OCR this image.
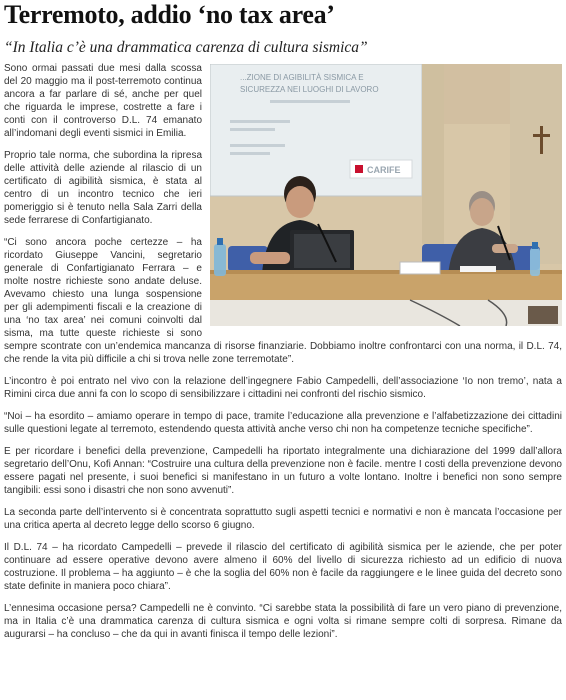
Terremoto, addio ‘no tax area’
“In Italia c’è una drammatica carenza di cultura sismica”
...ZIONE DI AGIBILITÀ SISMICA E
SICUREZZA NEI LUOGHI DI LAVORO
CARIFE

Sono ormai passati due mesi dalla scossa del 20 maggio ma il post-terremoto continua ancora a far parlare di sé, anche per quel che riguarda le imprese, costrette a fare i conti con il controverso D.L. 74 emanato all’indomani degli eventi sismici in Emilia.

Proprio tale norma, che subordina la ripresa delle attività delle aziende al rilascio di un certificato di agibilità sismica, è stata al centro di un incontro tecnico che ieri pomeriggio si è tenuto nella Sala Zarri della sede ferrarese di Confartigianato.

“Ci sono ancora poche certezze – ha ricordato Giuseppe Vancini, segretario generale di Confartigianato Ferrara – e molte nostre richieste sono andate deluse. Avevamo chiesto una lunga sospensione per gli adempimenti fiscali e la creazione di una ‘no tax area’ nei comuni coinvolti dal sisma, ma tutte queste richieste si sono sempre scontrate con un’endemica mancanza di risorse finanziarie. Dobbiamo inoltre confrontarci con una norma, il D.L. 74, che rende la vita più difficile a chi si trova nelle zone terremotate”.

L’incontro è poi entrato nel vivo con la relazione dell’ingegnere Fabio Campedelli, dell’associazione ‘Io non tremo’, nata a Rimini circa due anni fa con lo scopo di sensibilizzare i cittadini nei confronti del rischio sismico.

“Noi – ha esordito – amiamo operare in tempo di pace, tramite l’educazione alla prevenzione e l’alfabetizzazione dei cittadini sulle questioni legate al terremoto, estendendo questa attività anche verso chi non ha competenze tecniche specifiche”.

E per ricordare i benefici della prevenzione, Campedelli ha riportato integralmente una dichiarazione del 1999 dall’allora segretario dell’Onu, Kofi Annan: “Costruire una cultura della prevenzione non è facile. mentre I costi della prevenzione devono essere pagati nel presente, i suoi benefici si manifestano in un futuro a volte lontano. Inoltre i benefici non sono sempre tangibili: essi sono i disastri che non sono avvenuti”.

La seconda parte dell’intervento si è concentrata soprattutto sugli aspetti tecnici e normativi e non è mancata l’occasione per una critica aperta al decreto legge dello scorso 6 giugno.

Il D.L. 74 – ha ricordato Campedelli – prevede il rilascio del certificato di agibilità sismica per le aziende, che per poter continuare ad essere operative devono avere almeno il 60% del livello di sicurezza richiesto ad un edificio di nuova costruzione. Il problema – ha aggiunto – è che la soglia del 60% non è facile da raggiungere e le linee guida del decreto sono state definite in maniera poco chiara”.

L’ennesima occasione persa? Campedelli ne è convinto. “Ci sarebbe stata la possibilità di fare un vero piano di prevenzione, ma in Italia c’è una drammatica carenza di cultura sismica e ogni volta si rimane sempre colti di sorpresa. Rimane da augurarsi – ha concluso – che da qui in avanti finisca il tempo delle lezioni”.
